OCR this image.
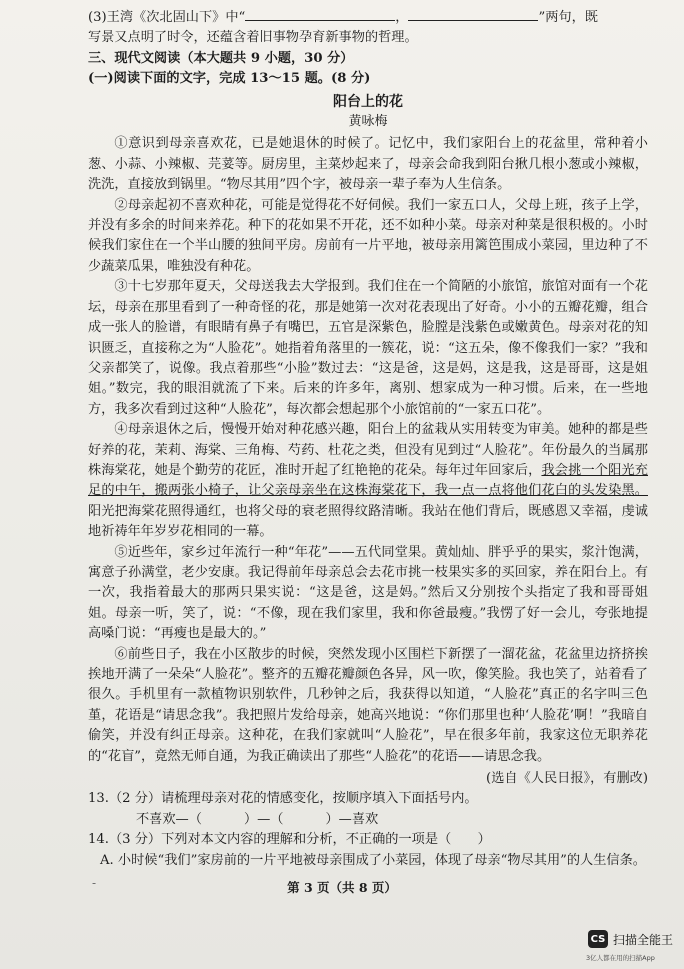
(3)王湾《次北固山下》中“	，	”两句，既
写景又点明了时令，还蕴含着旧事物孕育新事物的哲理。
三、现代文阅读（本大题共 9 小题，30 分）
(一)阅读下面的文字，完成 13～15 题。(8 分)
阳台上的花
黄咏梅

①意识到母亲喜欢花，已是她退休的时候了。记忆中，我们家阳台上的花盆里，常种着小葱、小蒜、小辣椒、芫荽等。厨房里，主菜炒起来了，母亲会命我到阳台揪几根小葱或小辣椒，洗洗，直接放到锅里。“物尽其用”四个字，被母亲一辈子奉为人生信条。

②母亲起初不喜欢种花，可能是觉得花不好伺候。我们一家五口人，父母上班，孩子上学，并没有多余的时间来养花。种下的花如果不开花，还不如种小菜。母亲对种菜是很积极的。小时候我们家住在一个半山腰的独间平房。房前有一片平地，被母亲用篱笆围成小菜园，里边种了不少蔬菜瓜果，唯独没有种花。

③十七岁那年夏天，父母送我去大学报到。我们住在一个简陋的小旅馆，旅馆对面有一个花坛，母亲在那里看到了一种奇怪的花，那是她第一次对花表现出了好奇。小小的五瓣花瓣，组合成一张人的脸谱，有眼睛有鼻子有嘴巴，五官是深紫色，脸膛是浅紫色或嫩黄色。母亲对花的知识匮乏，直接称之为“人脸花”。她指着角落里的一簇花，说：“这五朵，像不像我们一家？”我和父亲都笑了，说像。我点着那些“小脸”数过去：“这是爸，这是妈，这是我，这是哥哥，这是姐姐。”数完，我的眼泪就流了下来。后来的许多年，离别、想家成为一种习惯。后来，在一些地方，我多次看到过这种“人脸花”，每次都会想起那个小旅馆前的“一家五口花”。

④母亲退休之后，慢慢开始对种花感兴趣，阳台上的盆栽从实用转变为审美。她种的都是些好养的花，茉莉、海棠、三角梅、芍药、杜花之类，但没有见到过“人脸花”。年份最久的当属那株海棠花，她是个勤劳的花匠，准时开起了红艳艳的花朵。每年过年回家后，我会挑一个阳光充足的中午，搬两张小椅子，让父亲母亲坐在这株海棠花下，我一点一点将他们花白的头发染黑。阳光把海棠花照得通红，也将父母的衰老照得纹路清晰。我站在他们背后，既感恩又幸福，虔诚地祈祷年年岁岁花相同的一幕。

⑤近些年，家乡过年流行一种“年花”——五代同堂果。黄灿灿、胖乎乎的果实，浆汁饱满，寓意子孙满堂，老少安康。我记得前年母亲总会去花市挑一枝果实多的买回家，养在阳台上。有一次，我指着最大的那两只果实说：“这是爸，这是妈。”然后又分别按个头指定了我和哥哥姐姐。母亲一听，笑了，说：“不像，现在我们家里，我和你爸最瘦。”我愣了好一会儿，夸张地提高嗓门说：“再瘦也是最大的。”

⑥前些日子，我在小区散步的时候，突然发现小区围栏下新摆了一溜花盆，花盆里边挤挤挨挨地开满了一朵朵“人脸花”。整齐的五瓣花瓣颜色各异，风一吹，像笑脸。我也笑了，站着看了很久。手机里有一款植物识别软件，几秒钟之后，我获得以知道，“人脸花”真正的名字叫三色堇，花语是“请思念我”。我把照片发给母亲，她高兴地说：“你们那里也种‘人脸花’啊！”我暗自偷笑，并没有纠正母亲。这种花，在我们家就叫“人脸花”，早在很多年前，我家这位无职养花的“花盲”，竟然无师自通，为我正确读出了那些“人脸花”的花语——请思念我。

(选自《人民日报》，有删改)

13.（2 分）请梳理母亲对花的情感变化，按顺序填入下面括号内。

不喜欢—（	）—（	）—喜欢

14.（3 分）下列对本文内容的理解和分析，不正确的一项是（　　）

A. 小时候“我们”家房前的一片平地被母亲围成了小菜园，体现了母亲“物尽其用”的人生信条。

-	第 3 页（共 8 页）
CS 扫描全能王
3亿人都在用的扫描App
